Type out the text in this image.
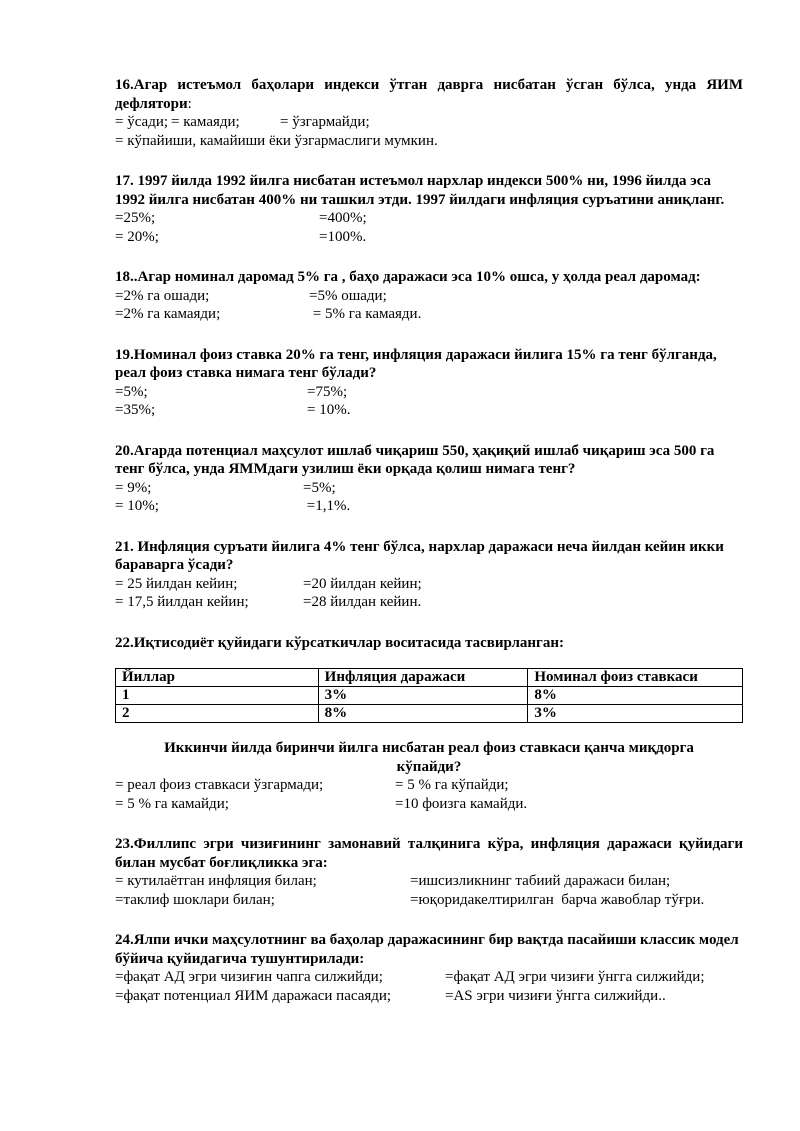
16.Агар истеъмол баҳолари индекси ўтган даврга нисбатан ўсган бўлса, унда ЯИМ дефлятори:
= ўсади; = камаяди;	= ўзгармайди;
= кўпайиши, камайиши ёки ўзгармаслиги мумкин.
17. 1997 йилда 1992 йилга нисбатан истеъмол нархлар индекси 500% ни, 1996 йилда эса 1992 йилга нисбатан 400% ни ташкил этди. 1997 йилдаги инфляция суръатини аниқланг.
=25%;	=400%;
= 20%;	=100%.
18..Агар номинал даромад 5% га , баҳо даражаси эса 10% ошса, у ҳолда реал даромад:
=2% га ошади;	=5% ошади;
=2% га камаяди;	= 5% га камаяди.
19.Номинал фоиз ставка 20% га тенг, инфляция даражаси йилига 15% га тенг бўлганда, реал фоиз ставка нимага тенг бўлади?
=5%;	=75%;
=35%;	= 10%.
20.Агарда потенциал маҳсулот ишлаб чиқариш 550, ҳақиқий ишлаб чиқариш эса 500 га тенг бўлса, унда ЯММдаги узилиш ёки орқада қолиш нимага тенг?
= 9%;	=5%;
= 10%;	=1,1%.
21. Инфляция суръати йилига 4% тенг бўлса, нархлар даражаси неча йилдан кейин икки бараварга ўсади?
= 25 йилдан кейин;	=20 йилдан кейин;
= 17,5 йилдан кейин;	=28 йилдан кейин.
22.Иқтисодиёт қуйидаги кўрсаткичлар воситасида тасвирланган:
Йиллар	Инфляция даражаси	Номинал фоиз ставкаси
1	3%	8%
2	8%	3%
Иккинчи йилда биринчи йилга нисбатан реал фоиз ставкаси қанча миқдорга кўпайди?
= реал фоиз ставкаси ўзгармади;	= 5 % га кўпайди;
= 5 % га камайди;	=10 фоизга камайди.
23.Филлипс эгри чизиғининг замонавий талқинига кўра, инфляция даражаси қуйидаги билан мусбат боғлиқликка эга:
= кутилаётган инфляция билан;	=ишсизликнинг табиий даражаси билан;
=таклиф шоклари билан;	=юқоридакелтирилган  барча жавоблар тўғри.
24.Ялпи ички маҳсулотнинг ва баҳолар даражасининг бир вақтда пасайиши классик модел бўйича қуйидагича тушунтирилади:
=фақат АД эгри чизиғин чапга силжийди;	=фақат АД эгри чизиғи ўнгга силжийди;
=фақат потенциал ЯИМ даражаси пасаяди;	=АS эгри чизиғи ўнгга силжийди..
